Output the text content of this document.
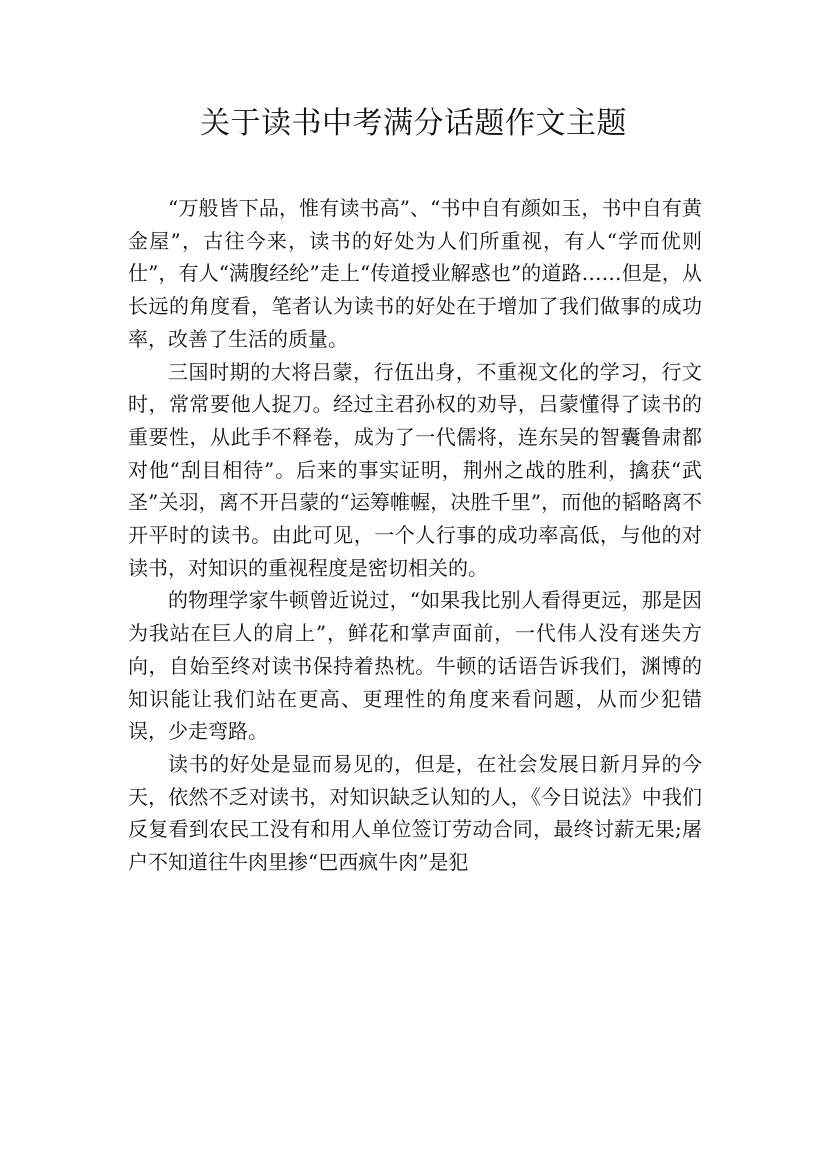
关于读书中考满分话题作文主题

“万般皆下品，惟有读书高”、“书中自有颜如玉，书中自有黄金屋”，古往今来，读书的好处为人们所重视，有人“学而优则仕”，有人“满腹经纶”走上“传道授业解惑也”的道路……但是，从长远的角度看，笔者认为读书的好处在于增加了我们做事的成功率，改善了生活的质量。

三国时期的大将吕蒙，行伍出身，不重视文化的学习，行文时，常常要他人捉刀。经过主君孙权的劝导，吕蒙懂得了读书的重要性，从此手不释卷，成为了一代儒将，连东吴的智囊鲁肃都对他“刮目相待”。后来的事实证明，荆州之战的胜利，擒获“武圣”关羽，离不开吕蒙的“运筹帷幄，决胜千里”，而他的韬略离不开平时的读书。由此可见，一个人行事的成功率高低，与他的对读书，对知识的重视程度是密切相关的。

的物理学家牛顿曾近说过，“如果我比别人看得更远，那是因为我站在巨人的肩上”，鲜花和掌声面前，一代伟人没有迷失方向，自始至终对读书保持着热枕。牛顿的话语告诉我们，渊博的知识能让我们站在更高、更理性的角度来看问题，从而少犯错误，少走弯路。

读书的好处是显而易见的，但是，在社会发展日新月异的今天，依然不乏对读书，对知识缺乏认知的人，《今日说法》中我们反复看到农民工没有和用人单位签订劳动合同，最终讨薪无果;屠户不知道往牛肉里掺“巴西疯牛肉”是犯
